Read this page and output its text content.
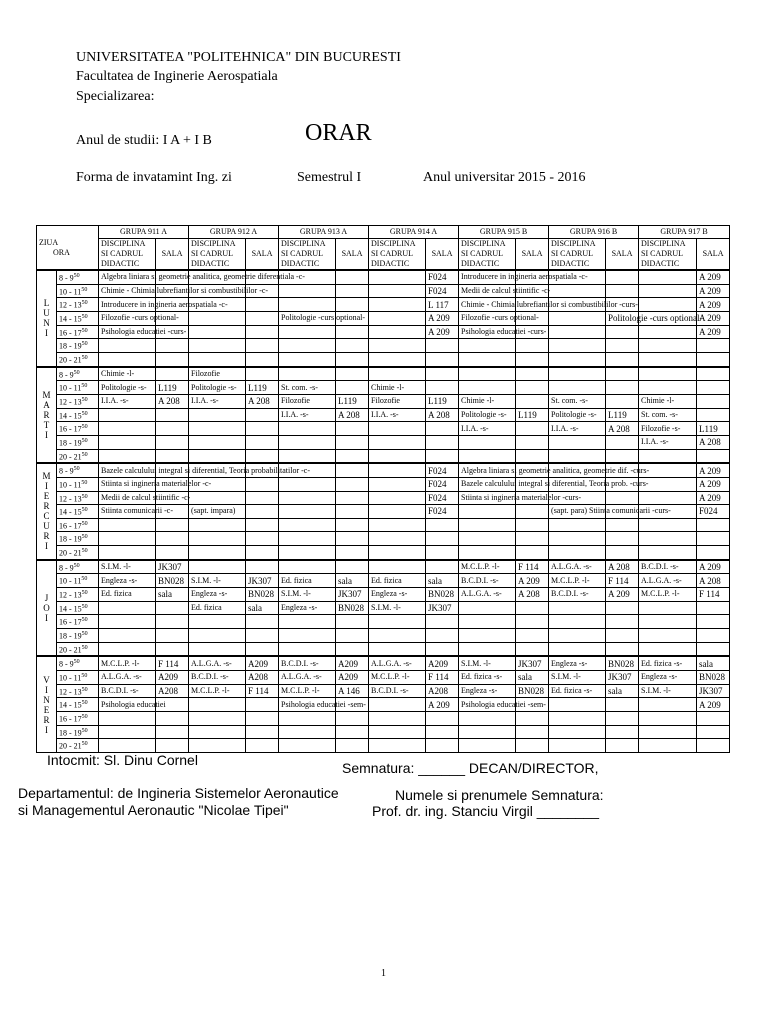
UNIVERSITATEA "POLITEHNICA" DIN BUCURESTI
Facultatea de Inginerie Aerospatiala
Specializarea:
Anul de studii: I A + I B	ORAR
Forma de invatamint Ing. zi	Semestrul I	Anul universitar 2015 - 2016
ZIUA
ORA		GRUPA 911 A		GRUPA 912 A		GRUPA 913 A		GRUPA 914 A		GRUPA 915 B		GRUPA 916 B		GRUPA 917 B	
		DISCIPLINA SI CADRUL DIDACTIC	SALA	DISCIPLINA SI CADRUL DIDACTIC	SALA	DISCIPLINA SI CADRUL DIDACTIC	SALA	DISCIPLINA SI CADRUL DIDACTIC	SALA	DISCIPLINA SI CADRUL DIDACTIC	SALA	DISCIPLINA SI CADRUL DIDACTIC	SALA	DISCIPLINA SI CADRUL DIDACTIC	SALA
L U N I	$8 - 9^{50}$	Algebra liniara si geometrie analitica, geometrie diferentiala -c-							F024	Introducere in ingineria aerospatiala -c-					A 209
	$10 - 11^{50}$	Chimie - Chimia lubrefiantilor si combustibililor -c-							F024	Medii de calcul stiintific -c-					A 209
	$12 - 13^{50}$	Introducere in ingineria aerospatiala -c-							L 117	Chimie - Chimia lubrefiantilor si combustibililor -curs-					A 209
	$14 - 15^{50}$	Filozofie -curs optional-				Politologie -curs optional-			A 209	Filozofie -curs optional-			Politologie -curs optional-		A 209
	$16 - 17^{50}$	Psihologia educatiei -curs-							A 209	Psihologia educatiei -curs-					A 209
	$18 - 19^{50}$														
	$20 - 21^{50}$														
M A R T I	$8 - 9^{50}$	Chimie -l-		Filozofie											
	$10 - 11^{50}$	Politologie -s-	L119	Politologie -s-	L119	St. com. -s-		Chimie -l-							
	$12 - 13^{50}$	I.I.A. -s-	A 208	I.I.A. -s-	A 208	Filozofie	L119	Filozofie	L119	Chimie -l-		St. com. -s-		Chimie -l-	
	$14 - 15^{50}$					I.I.A. -s-	A 208	I.I.A. -s-	A 208	Politologie -s-	L119	Politologie -s-	L119	St. com. -s-	
	$16 - 17^{50}$									I.I.A. -s-		I.I.A. -s-	A 208	Filozofie -s-	L119
	$18 - 19^{50}$													I.I.A. -s-	A 208
	$20 - 21^{50}$														
M I E R C U R I	$8 - 9^{50}$	Bazele calculului integral si diferential, Teoria probabilitatilor -c-							F024	Algebra liniara si geometrie analitica, geometrie dif. -curs-					A 209
	$10 - 11^{50}$	Stiinta si ingineria materialelor -c-							F024	Bazele calculului integral si diferential, Teoria prob. -curs-					A 209
	$12 - 13^{50}$	Medii de calcul stiintific -c-							F024	Stiinta si ingineria materialelor -curs-					A 209
	$14 - 15^{50}$	Stiinta comunicarii -c-		(sapt. impara)					F024			(sapt. para) Stiinta comunicarii -curs-			F024
	$16 - 17^{50}$														
	$18 - 19^{50}$														
	$20 - 21^{50}$														
J O I	$8 - 9^{50}$	S.I.M. -l-	JK307							M.C.L.P. -l-	F 114	A.L.G.A. -s-	A 208	B.C.D.I. -s-	A 209
	$10 - 11^{50}$	Engleza -s-	BN028	S.I.M. -l-	JK307	Ed. fizica	sala	Ed. fizica	sala	B.C.D.I. -s-	A 209	M.C.L.P. -l-	F 114	A.L.G.A. -s-	A 208
	$12 - 13^{50}$	Ed. fizica	sala	Engleza -s-	BN028	S.I.M. -l-	JK307	Engleza -s-	BN028	A.L.G.A. -s-	A 208	B.C.D.I. -s-	A 209	M.C.L.P. -l-	F 114
	$14 - 15^{50}$			Ed. fizica	sala	Engleza -s-	BN028	S.I.M. -l-	JK307						
	$16 - 17^{50}$														
	$18 - 19^{50}$														
	$20 - 21^{50}$														
V I N E R I	$8 - 9^{50}$	M.C.L.P. -l-	F 114	A.L.G.A. -s-	A209	B.C.D.I. -s-	A209	A.L.G.A. -s-	A209	S.I.M. -l-	JK307	Engleza -s-	BN028	Ed. fizica -s-	sala
	$10 - 11^{50}$	A.L.G.A. -s-	A209	B.C.D.I. -s-	A208	A.L.G.A. -s-	A209	M.C.L.P. -l-	F 114	Ed. fizica -s-	sala	S.I.M. -l-	JK307	Engleza -s-	BN028
	$12 - 13^{50}$	B.C.D.I. -s-	A208	M.C.L.P. -l-	F 114	M.C.L.P. -l-	A 146	B.C.D.I. -s-	A208	Engleza -s-	BN028	Ed. fizica -s-	sala	S.I.M. -l-	JK307
	$14 - 15^{50}$	Psihologia educatiei				Psihologia educatiei -sem-			A 209	Psihologia educatiei -sem-					A 209
	$16 - 17^{50}$														
	$18 - 19^{50}$														
	$20 - 21^{50}$														
Intocmit: Sl. Dinu Cornel	Semnatura: ______ DECAN/DIRECTOR,
Departamentul: de Ingineria Sistemelor Aeronautice
si Managementul Aeronautic "Nicolae Tipei"
Numele si prenumele Semnatura:
Prof. dr. ing. Stanciu Virgil ________
1
